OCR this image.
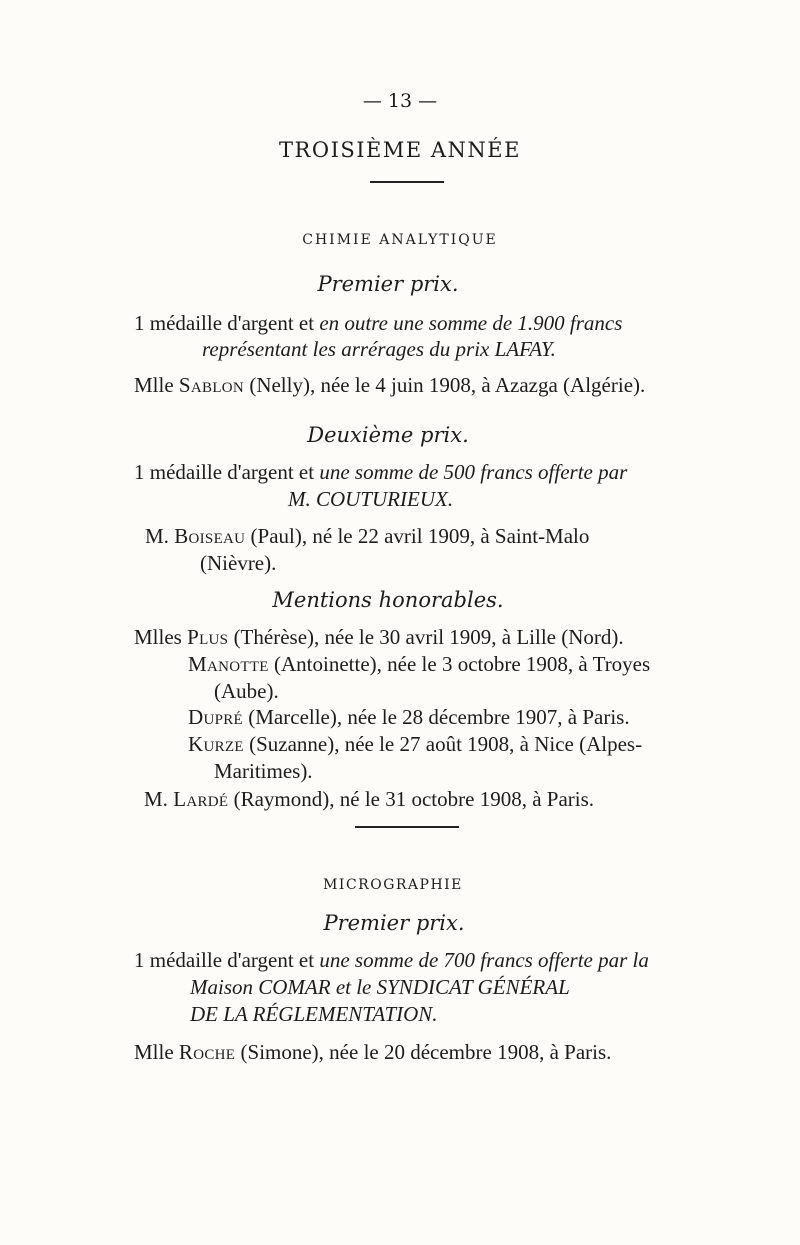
— 13 —
TROISIÈME ANNÉE
CHIMIE ANALYTIQUE
Premier prix.
1 médaille d'argent et en outre une somme de 1.900 francs
représentant les arrérages du prix LAFAY.
Mlle Sablon (Nelly), née le 4 juin 1908, à Azazga (Algérie).
Deuxième prix.
1 médaille d'argent et une somme de 500 francs offerte par
M. COUTURIEUX.
M. Boiseau (Paul), né le 22 avril 1909, à Saint-Malo
(Nièvre).
Mentions honorables.
Mlles Plus (Thérèse), née le 30 avril 1909, à Lille (Nord).
Manotte (Antoinette), née le 3 octobre 1908, à Troyes
(Aube).
Dupré (Marcelle), née le 28 décembre 1907, à Paris.
Kurze (Suzanne), née le 27 août 1908, à Nice (Alpes-
Maritimes).
M. Lardé (Raymond), né le 31 octobre 1908, à Paris.
MICROGRAPHIE
Premier prix.
1 médaille d'argent et une somme de 700 francs offerte par la
Maison COMAR et le SYNDICAT GÉNÉRAL
DE LA RÉGLEMENTATION.
Mlle Roche (Simone), née le 20 décembre 1908, à Paris.
